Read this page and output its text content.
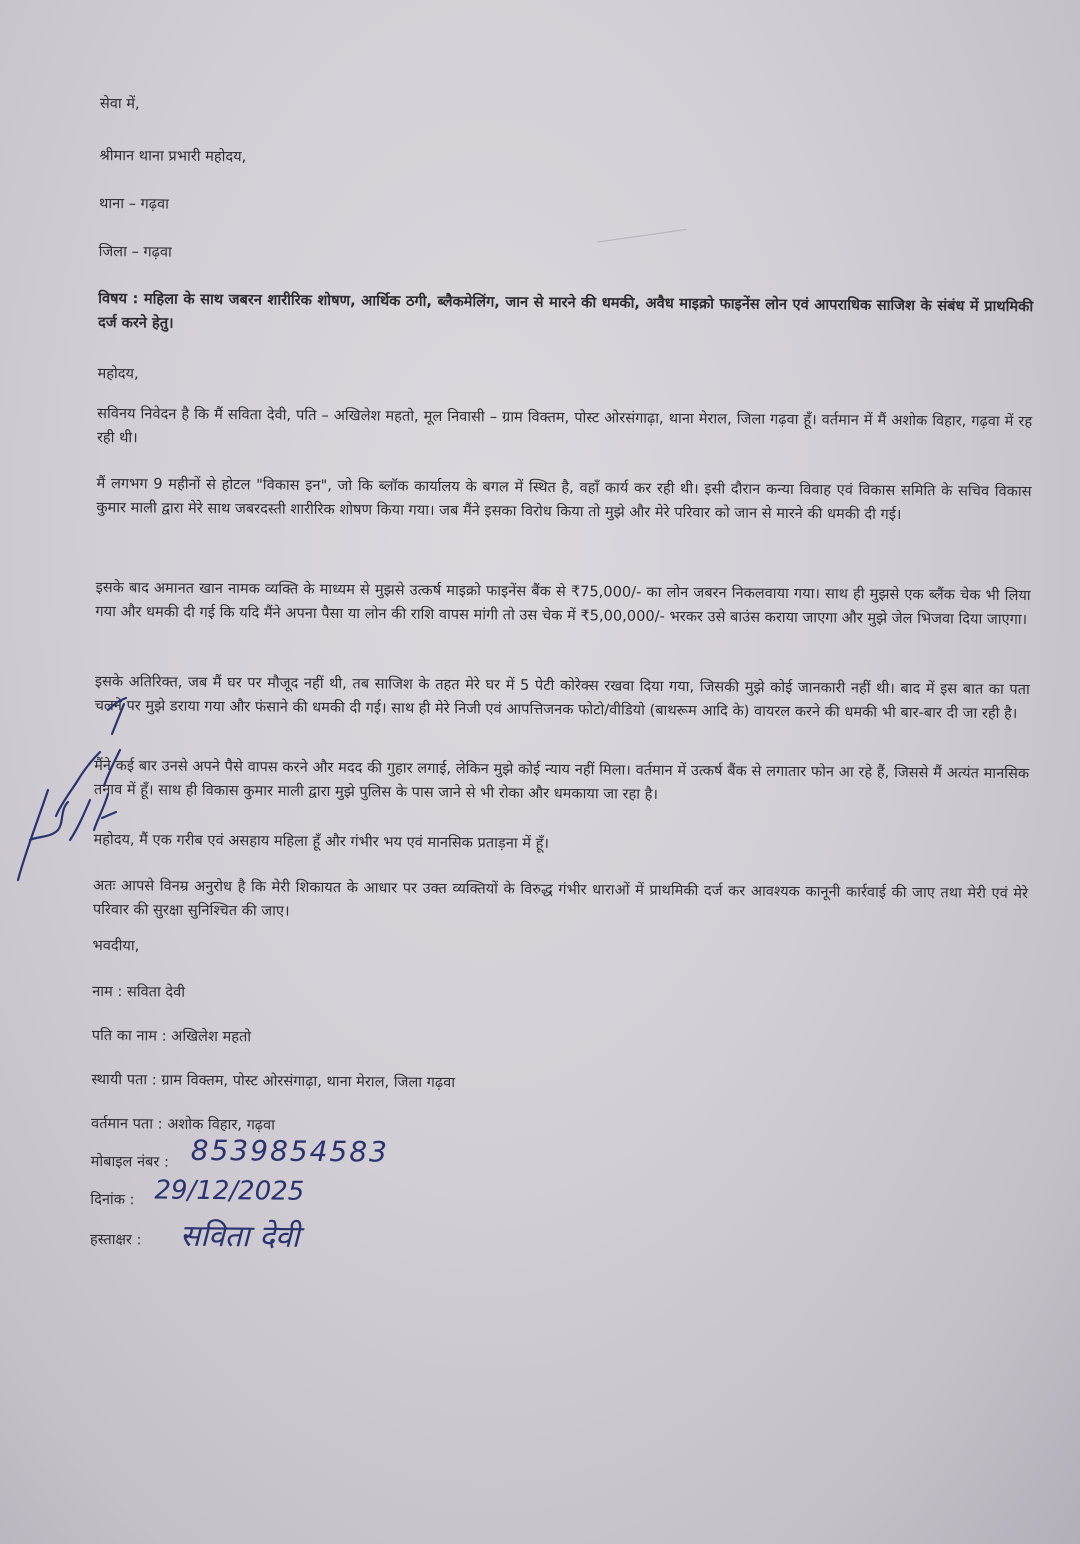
सेवा में,
श्रीमान थाना प्रभारी महोदय,
थाना – गढ़वा
जिला – गढ़वा
विषय : महिला के साथ जबरन शारीरिक शोषण, आर्थिक ठगी, ब्लैकमेलिंग, जान से मारने की धमकी, अवैध माइक्रो फाइनेंस लोन एवं आपराधिक साजिश के संबंध में प्राथमिकी दर्ज करने हेतु।
महोदय,
सविनय निवेदन है कि मैं सविता देवी, पति – अखिलेश महतो, मूल निवासी – ग्राम विक्तम, पोस्ट ओरसंगाढ़ा, थाना मेराल, जिला गढ़वा हूँ। वर्तमान में मैं अशोक विहार, गढ़वा में रह रही थी।
मैं लगभग 9 महीनों से होटल "विकास इन", जो कि ब्लॉक कार्यालय के बगल में स्थित है, वहाँ कार्य कर रही थी। इसी दौरान कन्या विवाह एवं विकास समिति के सचिव विकास कुमार माली द्वारा मेरे साथ जबरदस्ती शारीरिक शोषण किया गया। जब मैंने इसका विरोध किया तो मुझे और मेरे परिवार को जान से मारने की धमकी दी गई।
इसके बाद अमानत खान नामक व्यक्ति के माध्यम से मुझसे उत्कर्ष माइक्रो फाइनेंस बैंक से ₹75,000/- का लोन जबरन निकलवाया गया। साथ ही मुझसे एक ब्लैंक चेक भी लिया गया और धमकी दी गई कि यदि मैंने अपना पैसा या लोन की राशि वापस मांगी तो उस चेक में ₹5,00,000/- भरकर उसे बाउंस कराया जाएगा और मुझे जेल भिजवा दिया जाएगा।
इसके अतिरिक्त, जब मैं घर पर मौजूद नहीं थी, तब साजिश के तहत मेरे घर में 5 पेटी कोरेक्स रखवा दिया गया, जिसकी मुझे कोई जानकारी नहीं थी। बाद में इस बात का पता चलने पर मुझे डराया गया और फंसाने की धमकी दी गई। साथ ही मेरे निजी एवं आपत्तिजनक फोटो/वीडियो (बाथरूम आदि के) वायरल करने की धमकी भी बार-बार दी जा रही है।
मैंने कई बार उनसे अपने पैसे वापस करने और मदद की गुहार लगाई, लेकिन मुझे कोई न्याय नहीं मिला। वर्तमान में उत्कर्ष बैंक से लगातार फोन आ रहे हैं, जिससे मैं अत्यंत मानसिक तनाव में हूँ। साथ ही विकास कुमार माली द्वारा मुझे पुलिस के पास जाने से भी रोका और धमकाया जा रहा है।
महोदय, मैं एक गरीब एवं असहाय महिला हूँ और गंभीर भय एवं मानसिक प्रताड़ना में हूँ।
अतः आपसे विनम्र अनुरोध है कि मेरी शिकायत के आधार पर उक्त व्यक्तियों के विरुद्ध गंभीर धाराओं में प्राथमिकी दर्ज कर आवश्यक कानूनी कार्रवाई की जाए तथा मेरी एवं मेरे परिवार की सुरक्षा सुनिश्चित की जाए।
भवदीया,
नाम : सविता देवी
पति का नाम : अखिलेश महतो
स्थायी पता : ग्राम विक्तम, पोस्ट ओरसंगाढ़ा, थाना मेराल, जिला गढ़वा
वर्तमान पता : अशोक विहार, गढ़वा
मोबाइल नंबर : 8539854583
दिनांक : 29/12/2025
हस्ताक्षर : सविता देवी
